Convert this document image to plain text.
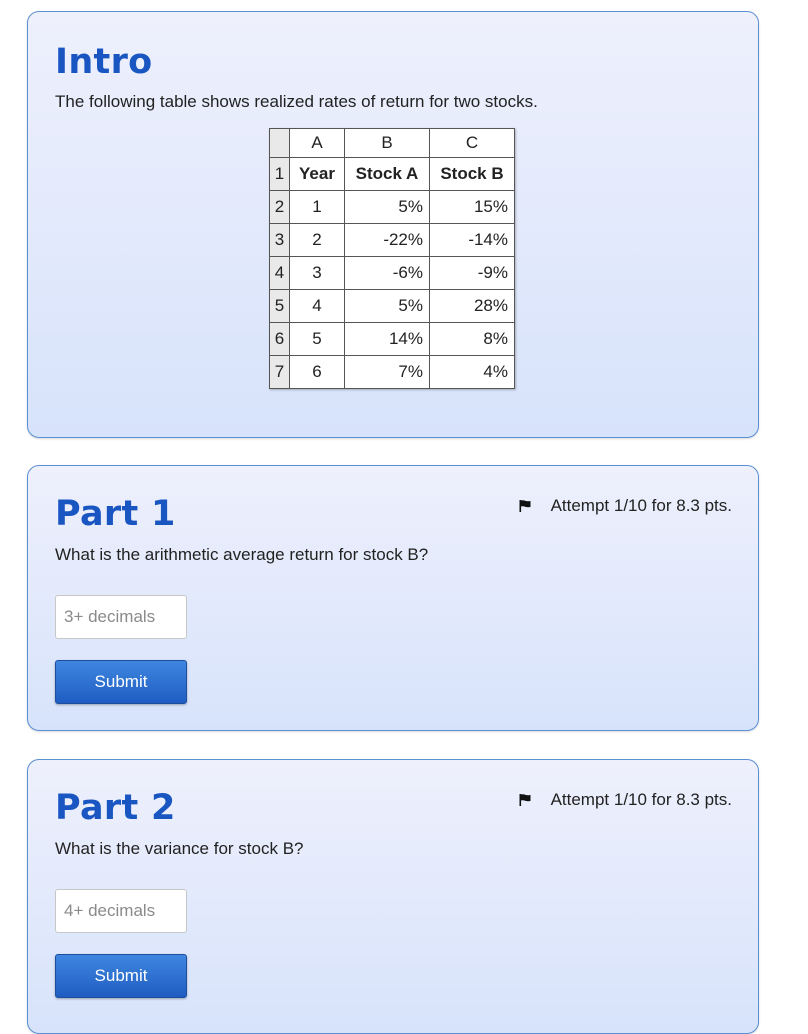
Intro
The following table shows realized rates of return for two stocks.
	A	B	C
1	Year	Stock A	Stock B
2	1	5%	15%
3	2	-22%	-14%
4	3	-6%	-9%
5	4	5%	28%
6	5	14%	8%
7	6	7%	4%
Part 1	Attempt 1/10 for 8.3 pts.
What is the arithmetic average return for stock B?
3+ decimals
Submit
Part 2	Attempt 1/10 for 8.3 pts.
What is the variance for stock B?
4+ decimals
Submit
